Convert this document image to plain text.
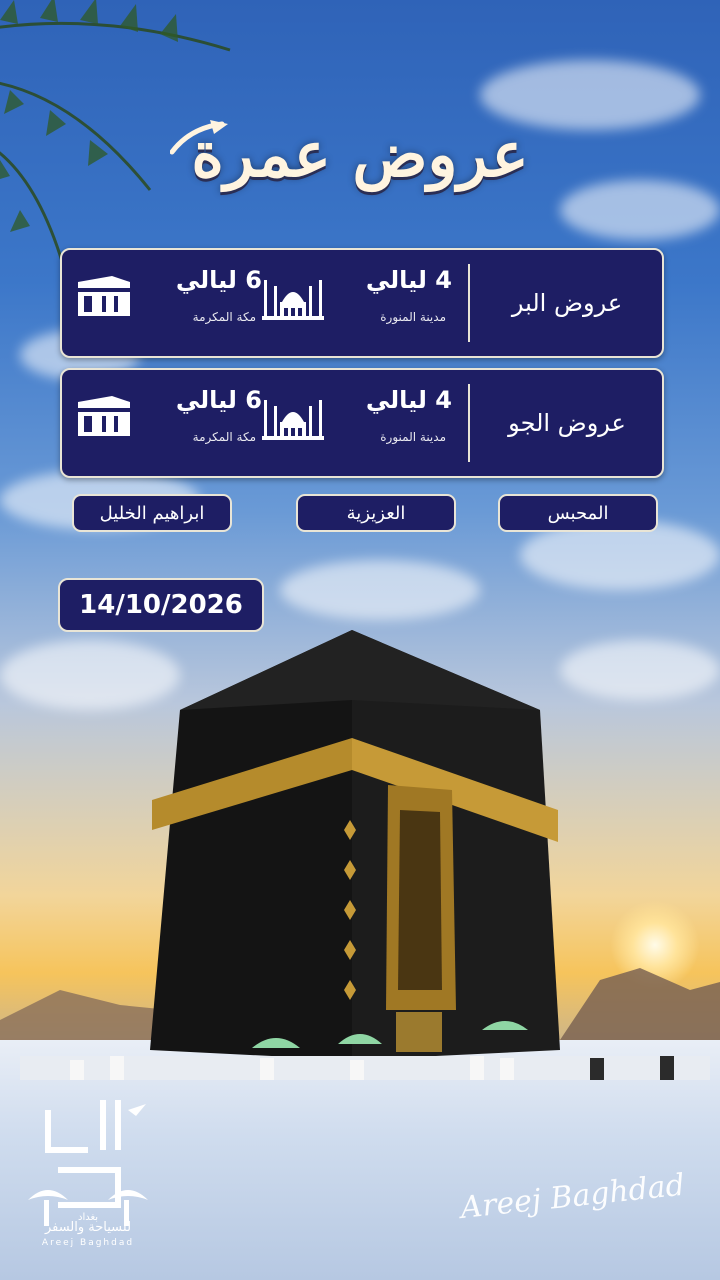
عروض عمرة
عروض البر
4 ليالي
مدينة المنورة
6 ليالي
مكة المكرمة
عروض الجو
4 ليالي
مدينة المنورة
6 ليالي
مكة المكرمة
المحبس
العزيزية
ابراهيم الخليل
14/10/2026
بغداد
للسياحة والسفر
Areej Baghdad
Areej Baghdad
